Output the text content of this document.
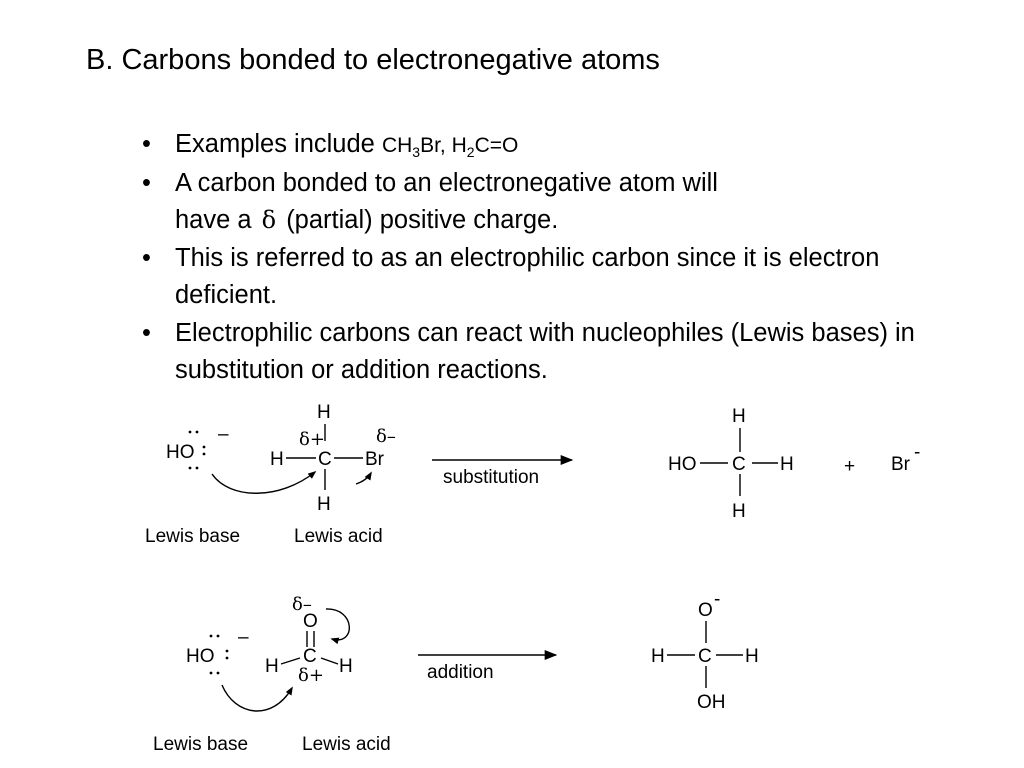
B. Carbons bonded to electronegative atoms
• Examples include $CH_3Br$, $H_2C=O$
• A carbon bonded to an electronegative atom will
have a δ (partial) positive charge.
• This is referred to as an electrophilic carbon since it is electron deficient.
• Electrophilic carbons can react with nucleophiles (Lewis bases) in substitution or addition reactions.
HO
–
H
δ+	δ–
H C Br
H
substitution
Lewis base	Lewis acid
H
HO C H
H
+ Br
-
HO
–
δ–
O
H C H
δ+	addition
Lewis base	Lewis acid
O
-
H C H
OH
